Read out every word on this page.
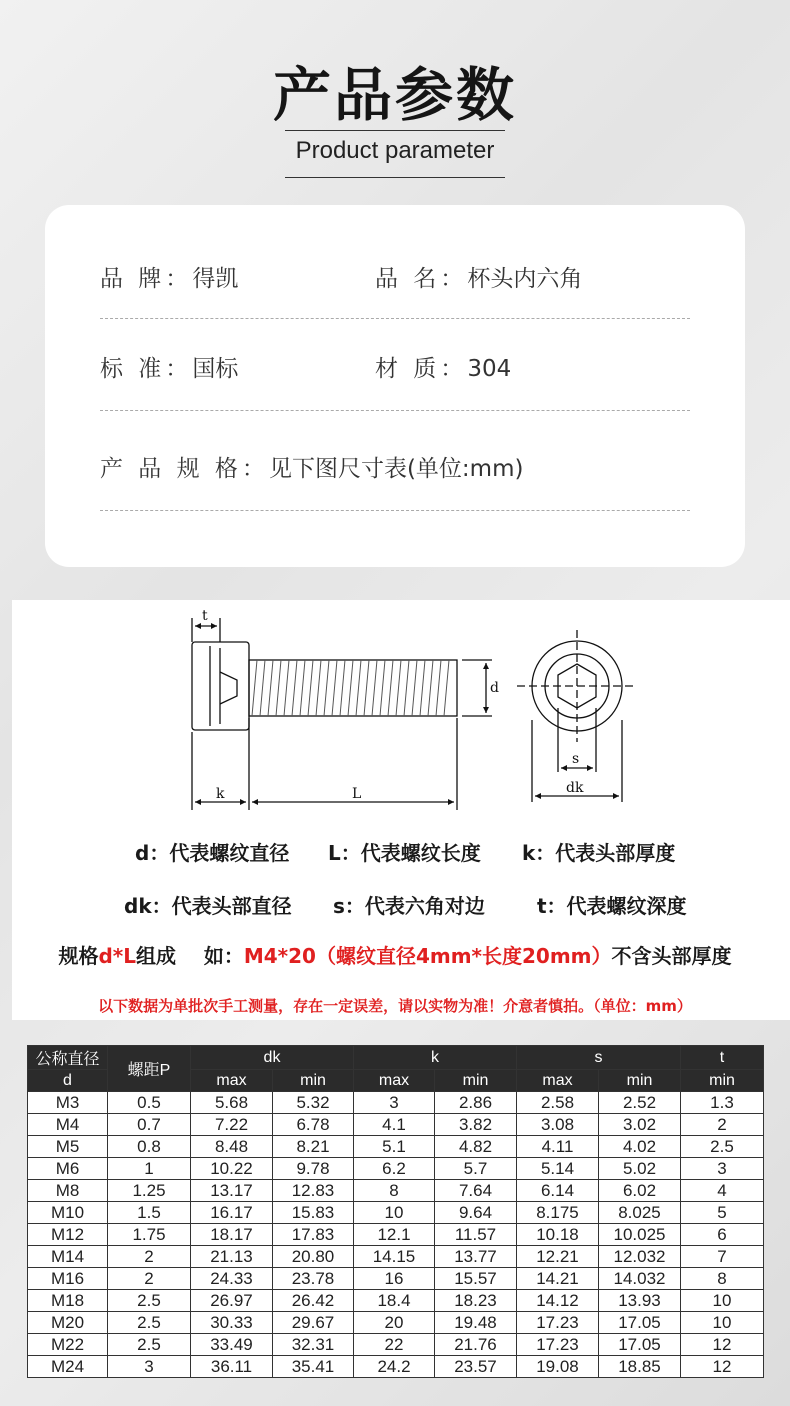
产品参数
Product parameter
品 牌：得凯	品 名：杯头内六角
标 准：国标	材 质：304
产 品 规 格：见下图尺寸表(单位:mm)
t
d
k	L
s
dk
d：代表螺纹直径 L：代表螺纹长度 k：代表头部厚度
dk：代表头部直径 s：代表六角对边	t：代表螺纹深度
规格d*L组成    如：M4*20（螺纹直径4mm*长度20mm）不含头部厚度
以下数据为单批次手工测量，存在一定误差，请以实物为准！介意者慎拍。（单位：mm）
公称直径	螺距P	dk		k		s		t
d		max	min	max	min	max	min	min
M3	0.5	5.68	5.32	3	2.86	2.58	2.52	1.3
M4	0.7	7.22	6.78	4.1	3.82	3.08	3.02	2
M5	0.8	8.48	8.21	5.1	4.82	4.11	4.02	2.5
M6	1	10.22	9.78	6.2	5.7	5.14	5.02	3
M8	1.25	13.17	12.83	8	7.64	6.14	6.02	4
M10	1.5	16.17	15.83	10	9.64	8.175	8.025	5
M12	1.75	18.17	17.83	12.1	11.57	10.18	10.025	6
M14	2	21.13	20.80	14.15	13.77	12.21	12.032	7
M16	2	24.33	23.78	16	15.57	14.21	14.032	8
M18	2.5	26.97	26.42	18.4	18.23	14.12	13.93	10
M20	2.5	30.33	29.67	20	19.48	17.23	17.05	10
M22	2.5	33.49	32.31	22	21.76	17.23	17.05	12
M24	3	36.11	35.41	24.2	23.57	19.08	18.85	12
